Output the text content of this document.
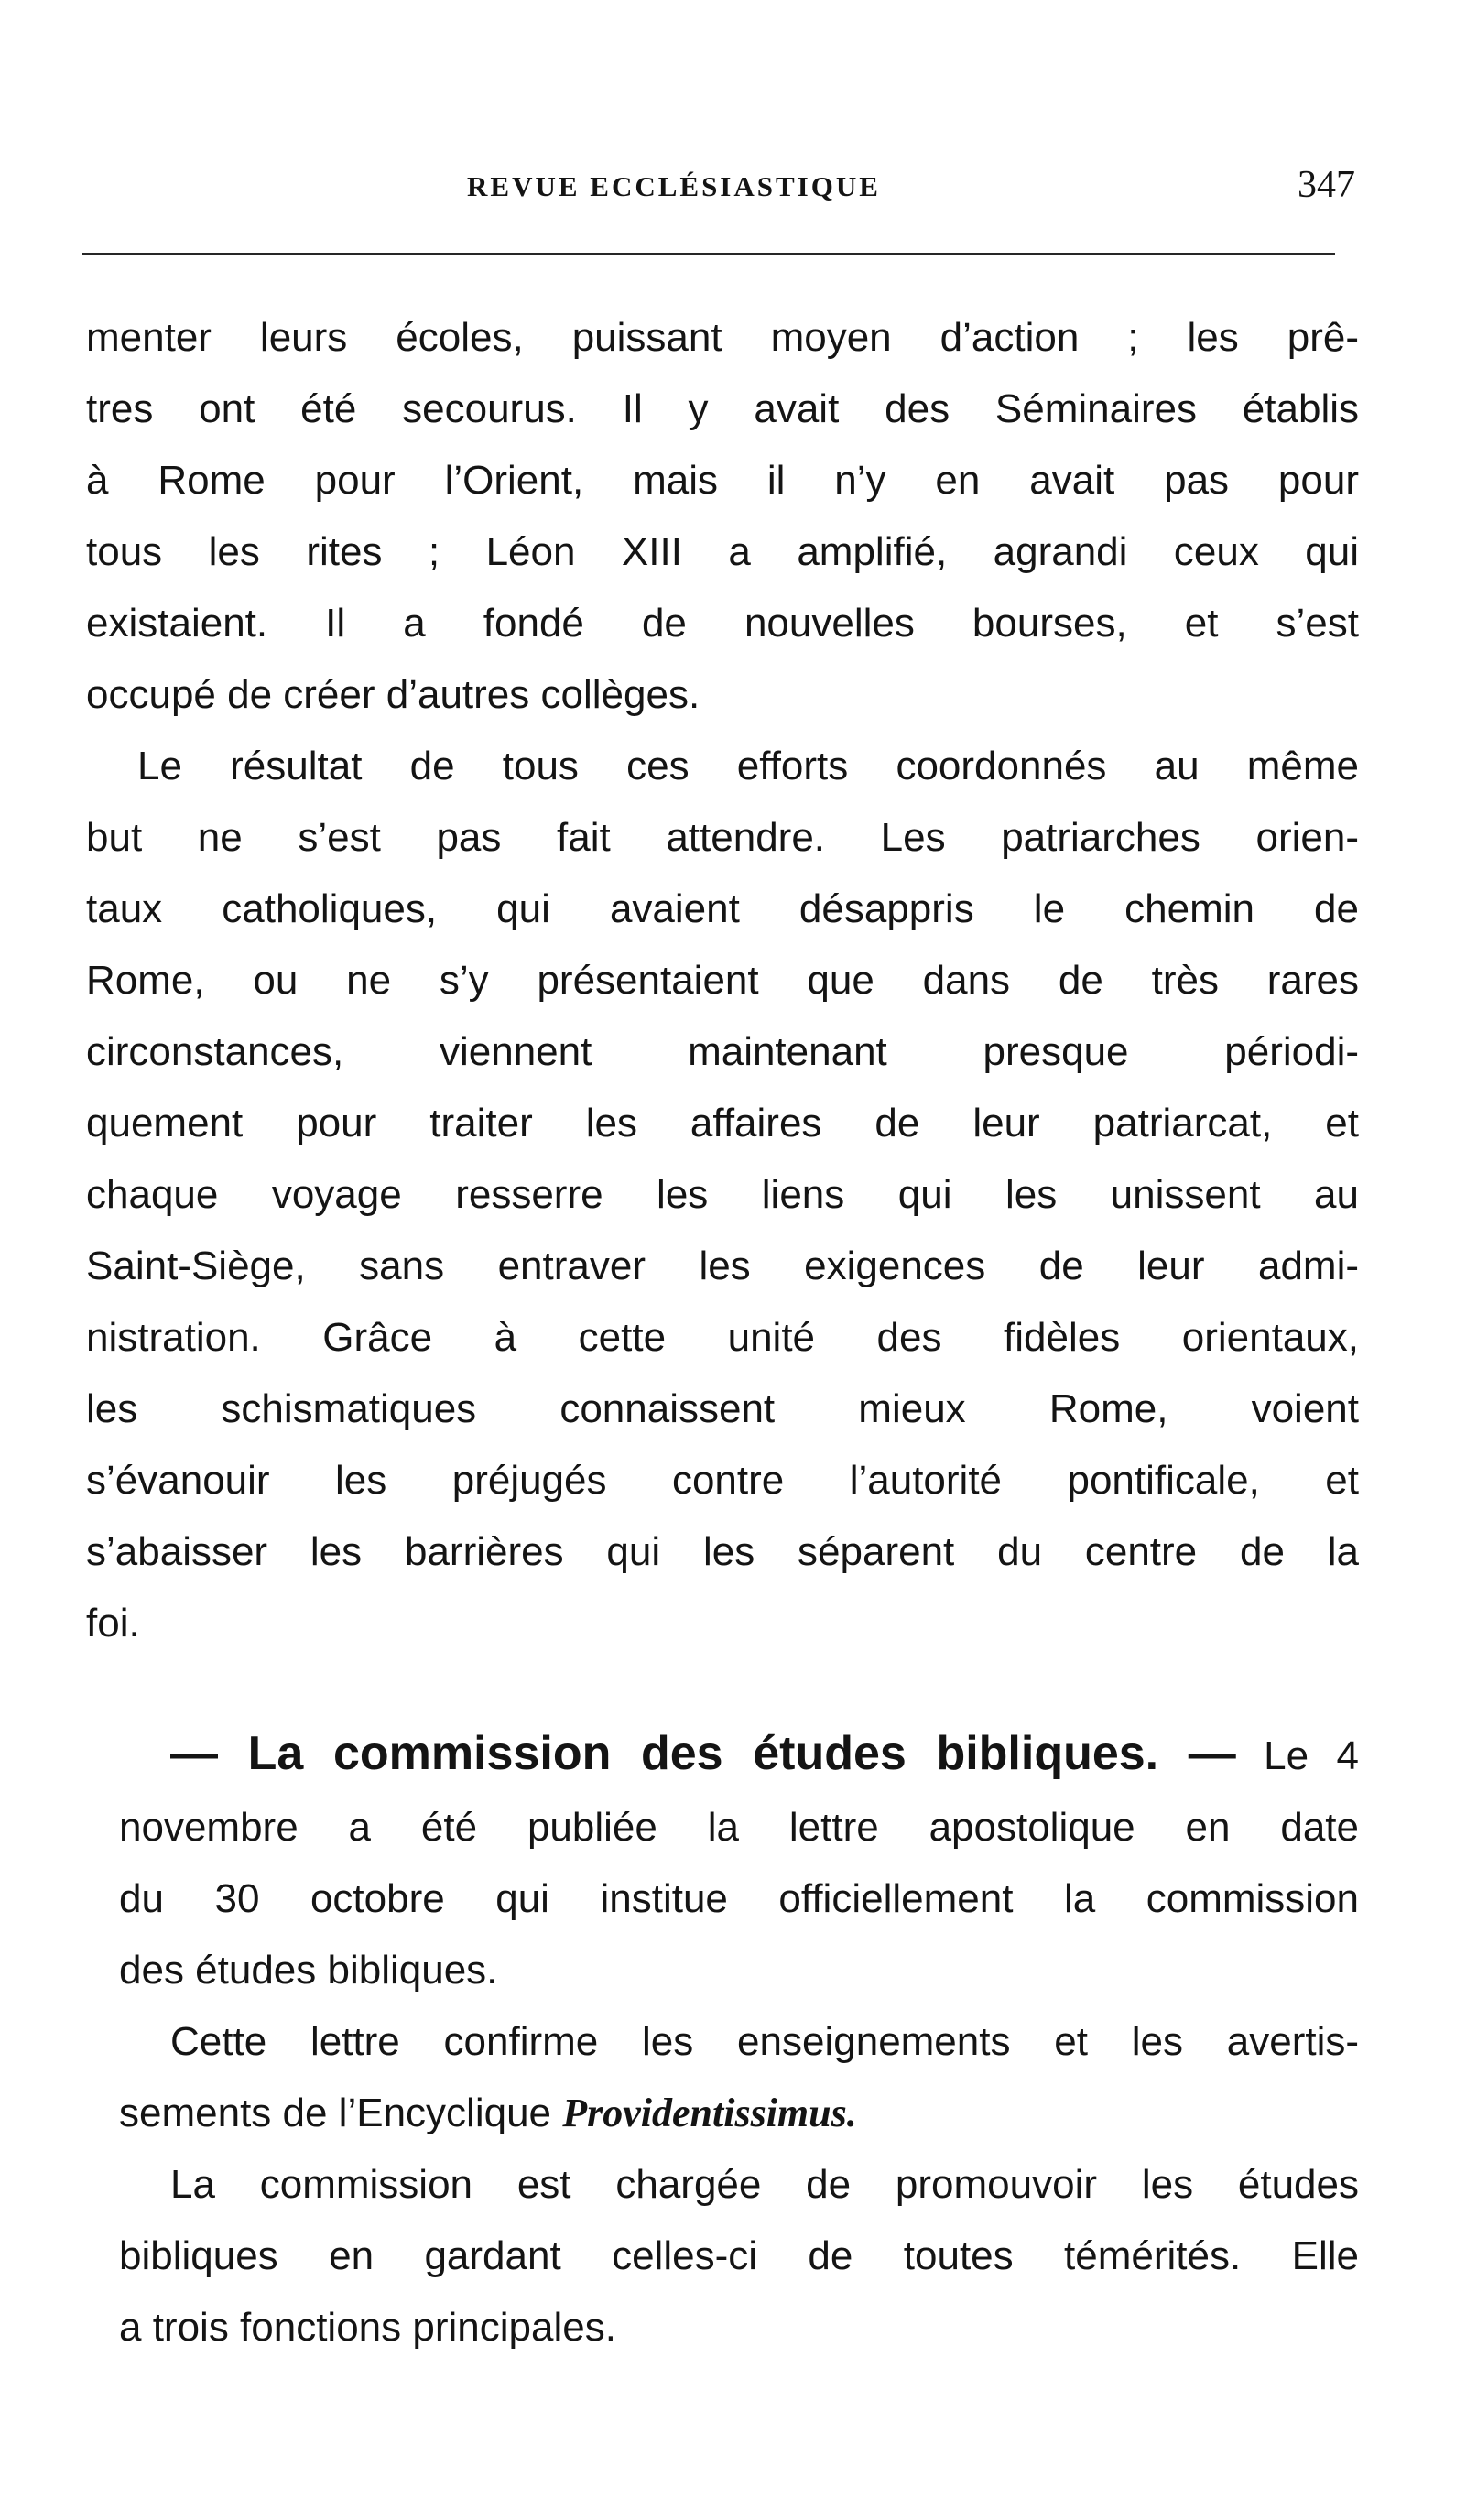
REVUE ECCLÉSIASTIQUE	347
menter leurs écoles, puissant moyen d’action ; les prê-
tres ont été secourus. Il y avait des Séminaires établis
à Rome pour l’Orient, mais il n’y en avait pas pour
tous les rites ; Léon XIII a amplifié, agrandi ceux qui
existaient. Il a fondé de nouvelles bourses, et s’est
occupé de créer d’autres collèges.
Le résultat de tous ces efforts coordonnés au même
but ne s’est pas fait attendre. Les patriarches orien-
taux catholiques, qui avaient désappris le chemin de
Rome, ou ne s’y présentaient que dans de très rares
circonstances, viennent maintenant presque périodi-
quement pour traiter les affaires de leur patriarcat, et
chaque voyage resserre les liens qui les unissent au
Saint-Siège, sans entraver les exigences de leur admi-
nistration. Grâce à cette unité des fidèles orientaux,
les schismatiques connaissent mieux Rome, voient
s’évanouir les préjugés contre l’autorité pontificale, et
s’abaisser les barrières qui les séparent du centre de la
foi.
— La commission des études bibliques. — Le 4
novembre a été publiée la lettre apostolique en date
du 30 octobre qui institue officiellement la commission
des études bibliques.
Cette lettre confirme les enseignements et les avertis-
sements de l’Encyclique Providentissimus.
La commission est chargée de promouvoir les études
bibliques en gardant celles-ci de toutes témérités. Elle
a trois fonctions principales.
